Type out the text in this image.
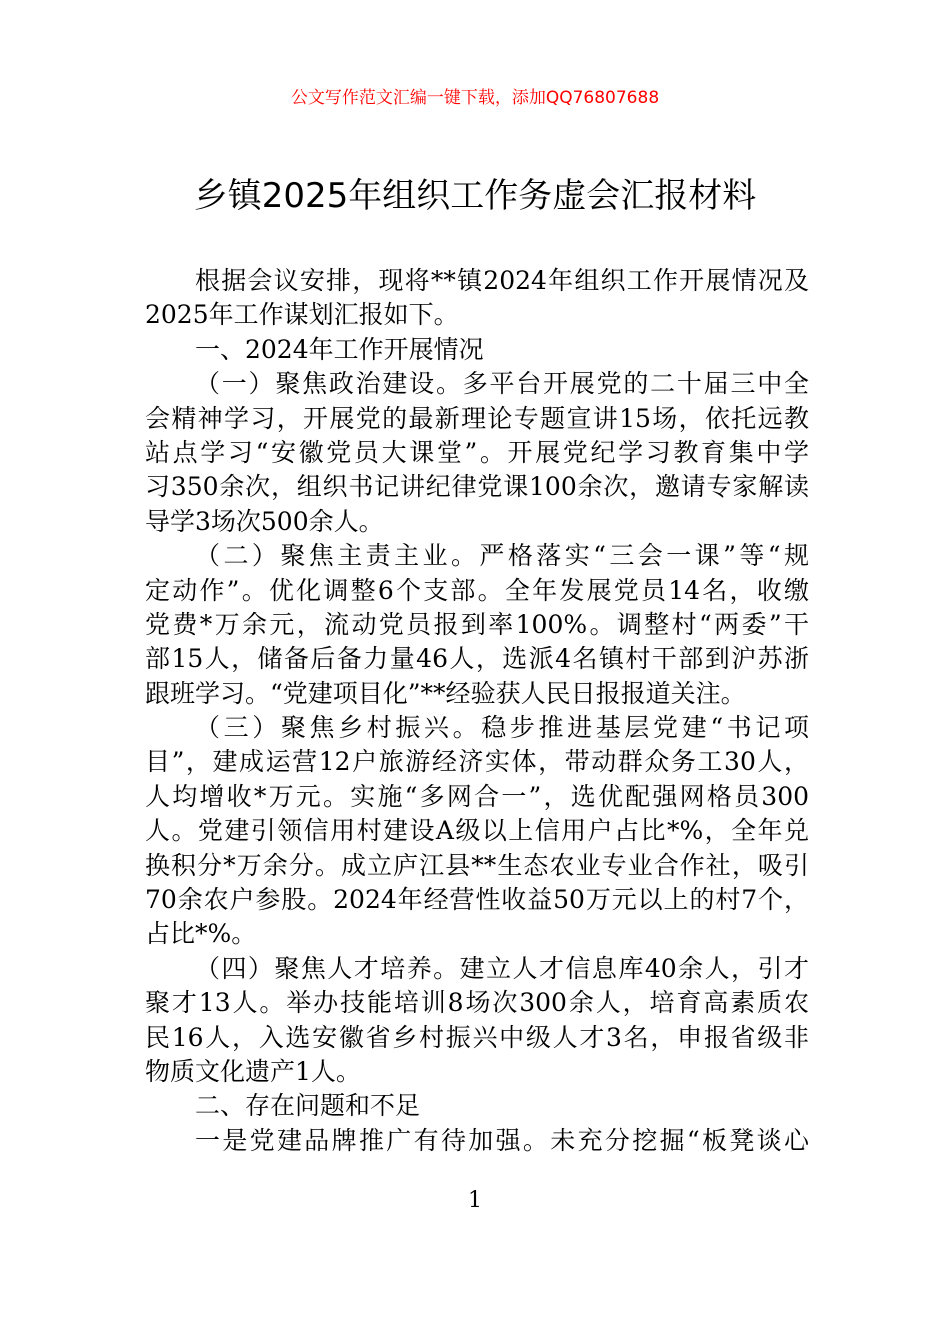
公文写作范文汇编一键下载，添加QQ76807688
乡镇2025年组织工作务虚会汇报材料
根据会议安排，现将**镇2024年组织工作开展情况及
2025年工作谋划汇报如下。
一、2024年工作开展情况
（一）聚焦政治建设。多平台开展党的二十届三中全
会精神学习，开展党的最新理论专题宣讲15场，依托远教
站点学习“安徽党员大课堂”。开展党纪学习教育集中学
习350余次，组织书记讲纪律党课100余次，邀请专家解读
导学3场次500余人。
（二）聚焦主责主业。严格落实“三会一课”等“规
定动作”。优化调整6个支部。全年发展党员14名，收缴
党费*万余元，流动党员报到率100%。调整村“两委”干
部15人，储备后备力量46人，选派4名镇村干部到沪苏浙
跟班学习。“党建项目化”**经验获人民日报报道关注。
（三）聚焦乡村振兴。稳步推进基层党建“书记项
目”，建成运营12户旅游经济实体，带动群众务工30人，
人均增收*万元。实施“多网合一”，选优配强网格员300
人。党建引领信用村建设A级以上信用户占比*%，全年兑
换积分*万余分。成立庐江县**生态农业专业合作社，吸引
70余农户参股。2024年经营性收益50万元以上的村7个，
占比*%。
（四）聚焦人才培养。建立人才信息库40余人，引才
聚才13人。举办技能培训8场次300余人，培育高素质农
民16人，入选安徽省乡村振兴中级人才3名，申报省级非
物质文化遗产1人。
二、存在问题和不足
一是党建品牌推广有待加强。未充分挖掘“板凳谈心
1
